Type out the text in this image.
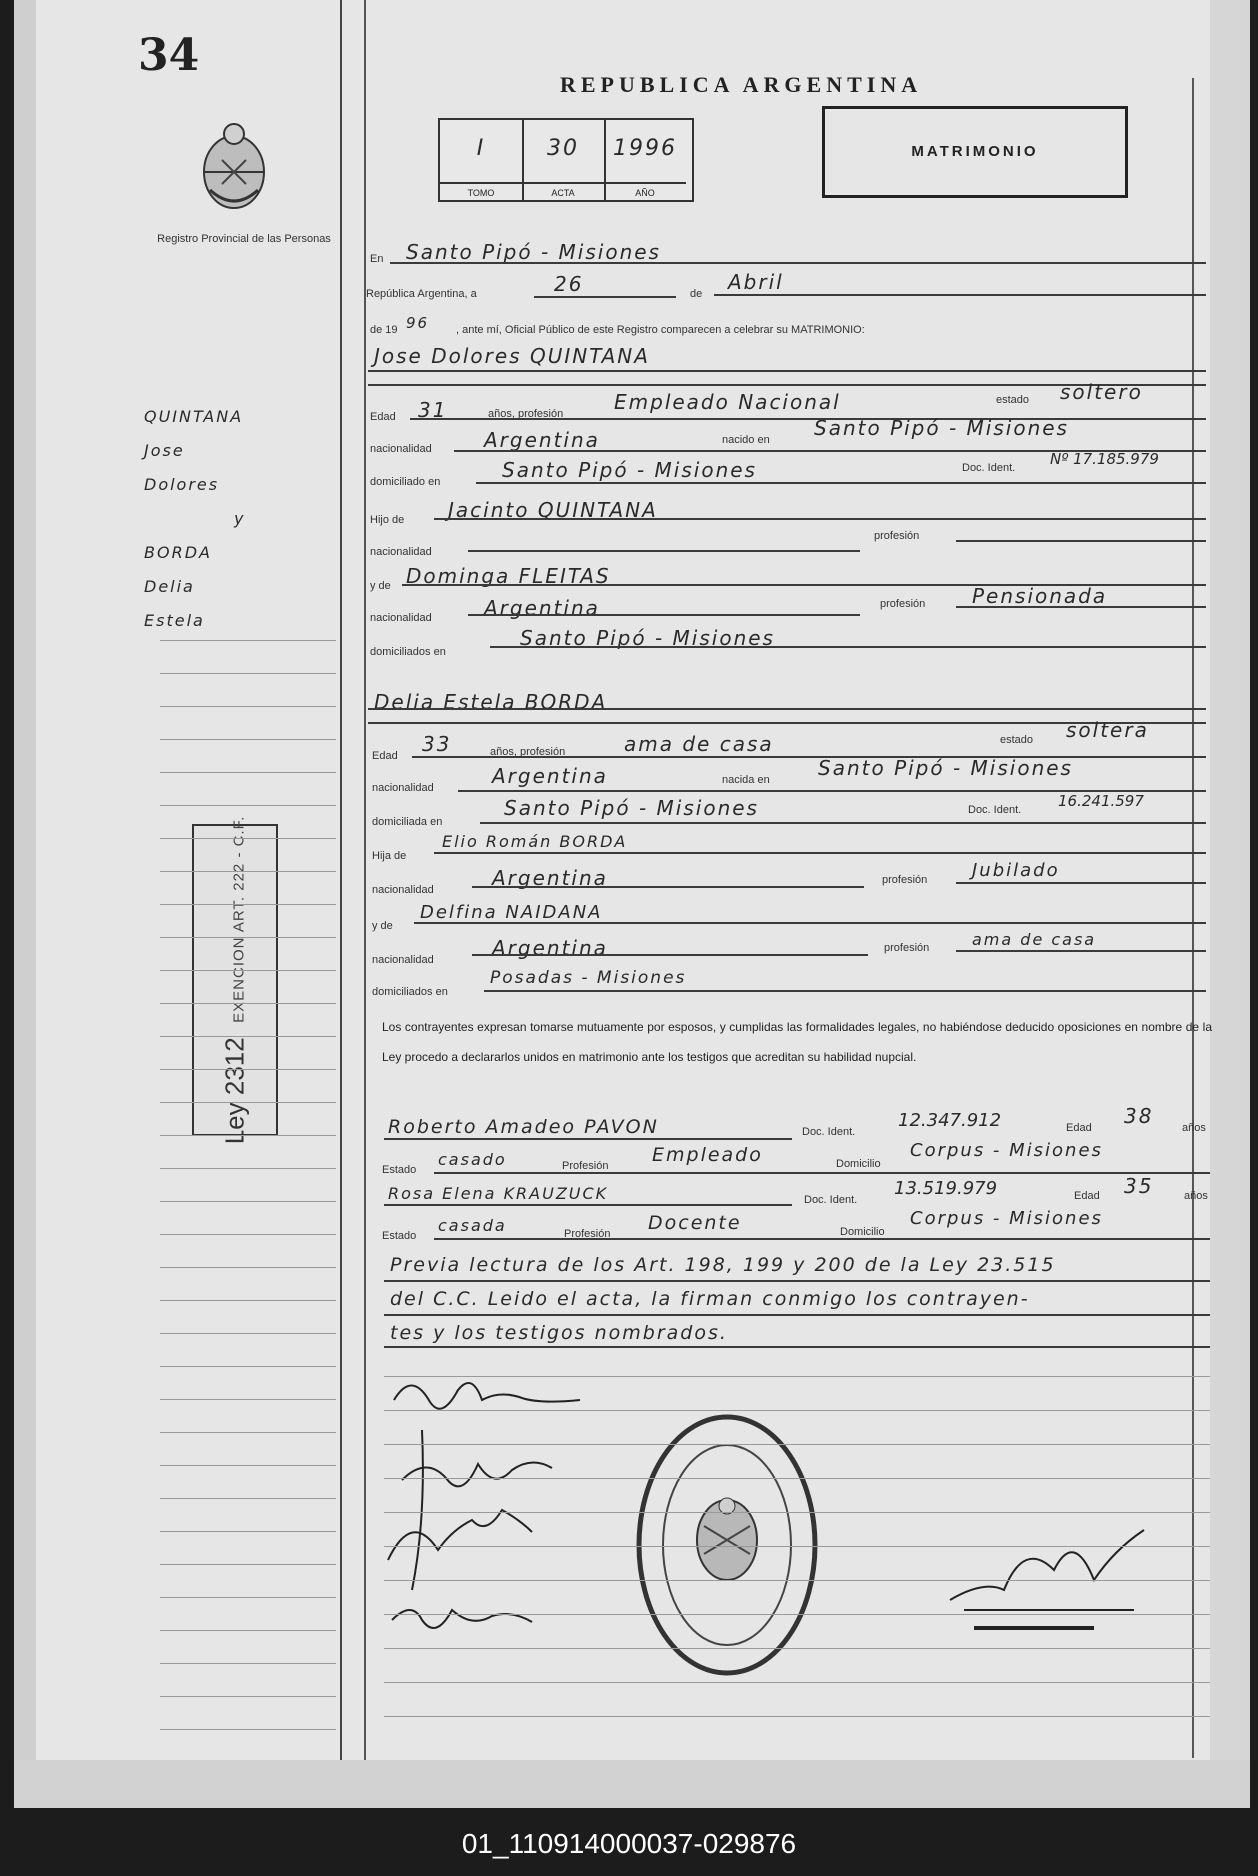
34
Registro Provincial de las Personas
QUINTANA
Jose
Dolores
y
BORDA
Delia
Estela
Ley 2312 EXENCION ART. 222 - C.F.
REPUBLICA ARGENTINA
I
TOMO
30
ACTA
1996
AÑO
MATRIMONIO
En Santo Pipó - Misiones
República Argentina, a	26	de Abril
de 19 96 , ante mí, Oficial Público de este Registro comparecen a celebrar su MATRIMONIO:
Jose Dolores QUINTANA
Edad 31	años, profesión	Empleado Nacional	estado soltero
nacionalidad	Argentina	nacido en Santo Pipó - Misiones
domiciliado en	Santo Pipó - Misiones	Doc. Ident. Nº 17.185.979
Hijo de Jacinto QUINTANA
nacionalidad
profesión
y de Dominga FLEITAS
nacionalidad	Argentina	profesión Pensionada
domiciliados en
Santo Pipó - Misiones
Delia Estela BORDA
Edad 33	años, profesión	ama de casa	estado soltera
nacionalidad	Argentina	nacida en Santo Pipó - Misiones
domiciliada en
Santo Pipó - Misiones	Doc. Ident. 16.241.597
Hija de
Elio Román BORDA
nacionalidad	Argentina	profesión Jubilado
y de
Delfina NAIDANA
nacionalidad	Argentina	profesión	ama de casa
domiciliados en
Posadas - Misiones
Los contrayentes expresan tomarse mutuamente por esposos, y cumplidas las formalidades legales, no habiéndose deducido oposiciones en nombre de la Ley procedo a declararlos unidos en matrimonio ante los testigos que acreditan su habilidad nupcial.
Roberto Amadeo PAVON	Doc. Ident.
12.347.912	Edad 38	años
Estado
casado	Profesión Empleado	Domicilio
Corpus - Misiones
Rosa Elena KRAUZUCK	Doc. Ident.
13.519.979	Edad 35	años
Estado
casada	Profesión Docente	Domicilio
Corpus - Misiones
Previa lectura de los Art. 198, 199 y 200 de la Ley 23.515
del C.C. Leido el acta, la firman conmigo los contrayen-
tes y los testigos nombrados.
01_110914000037-029876
